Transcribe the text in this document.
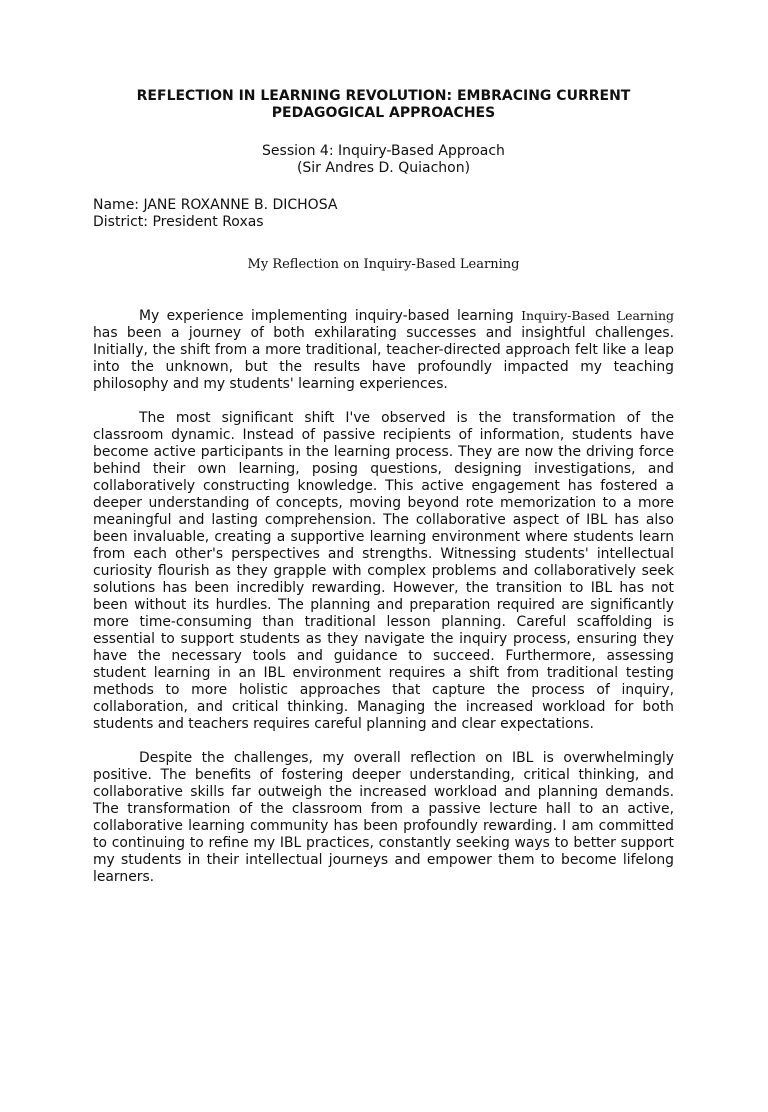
REFLECTION IN LEARNING REVOLUTION: EMBRACING CURRENT
PEDAGOGICAL APPROACHES
Session 4: Inquiry-Based Approach
(Sir Andres D. Quiachon)
Name: JANE ROXANNE B. DICHOSA
District: President Roxas
My Reflection on Inquiry-Based Learning

My experience implementing inquiry-based learning Inquiry-Based Learning has been a journey of both exhilarating successes and insightful challenges. Initially, the shift from a more traditional, teacher-directed approach felt like a leap into the unknown, but the results have profoundly impacted my teaching philosophy and my students' learning experiences.

The most significant shift I've observed is the transformation of the classroom dynamic. Instead of passive recipients of information, students have become active participants in the learning process. They are now the driving force behind their own learning, posing questions, designing investigations, and collaboratively constructing knowledge. This active engagement has fostered a deeper understanding of concepts, moving beyond rote memorization to a more meaningful and lasting comprehension. The collaborative aspect of IBL has also been invaluable, creating a supportive learning environment where students learn from each other's perspectives and strengths. Witnessing students' intellectual curiosity flourish as they grapple with complex problems and collaboratively seek solutions has been incredibly rewarding. However, the transition to IBL has not been without its hurdles. The planning and preparation required are significantly more time-consuming than traditional lesson planning. Careful scaffolding is essential to support students as they navigate the inquiry process, ensuring they have the necessary tools and guidance to succeed. Furthermore, assessing student learning in an IBL environment requires a shift from traditional testing methods to more holistic approaches that capture the process of inquiry, collaboration, and critical thinking. Managing the increased workload for both students and teachers requires careful planning and clear expectations.

Despite the challenges, my overall reflection on IBL is overwhelmingly positive. The benefits of fostering deeper understanding, critical thinking, and collaborative skills far outweigh the increased workload and planning demands. The transformation of the classroom from a passive lecture hall to an active, collaborative learning community has been profoundly rewarding. I am committed to continuing to refine my IBL practices, constantly seeking ways to better support my students in their intellectual journeys and empower them to become lifelong learners.
